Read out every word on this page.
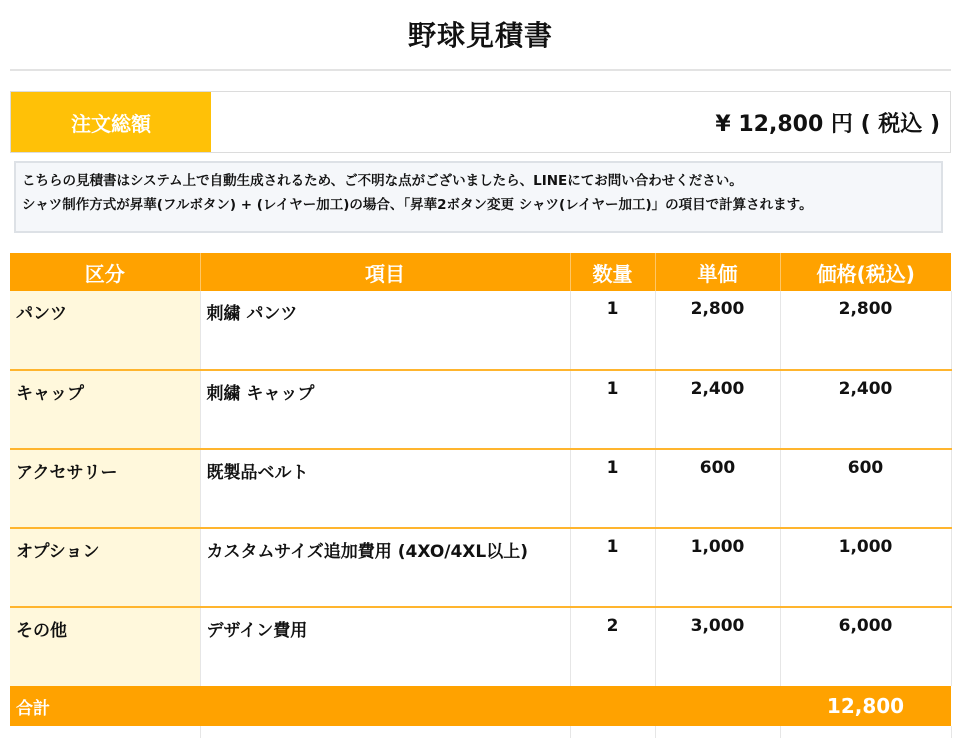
野球見積書
注文総額	¥ 12,800 円 ( 税込 )
こちらの見積書はシステム上で自動生成されるため、ご不明な点がございましたら、LINEにてお問い合わせください。
シャツ制作方式が昇華(フルボタン) + (レイヤー加工)の場合、「昇華2ボタン変更 シャツ(レイヤー加工)」の項目で計算されます。
区分	項目	数量	単価	価格(税込)
パンツ	刺繍 パンツ	1	2,800	2,800
キャップ	刺繍 キャップ	1	2,400	2,400
アクセサリー	既製品ベルト	1	600	600
オプション	カスタムサイズ追加費用 (4XO/4XL以上)	1	1,000	1,000
その他	デザイン費用	2	3,000	6,000
合計				12,800
